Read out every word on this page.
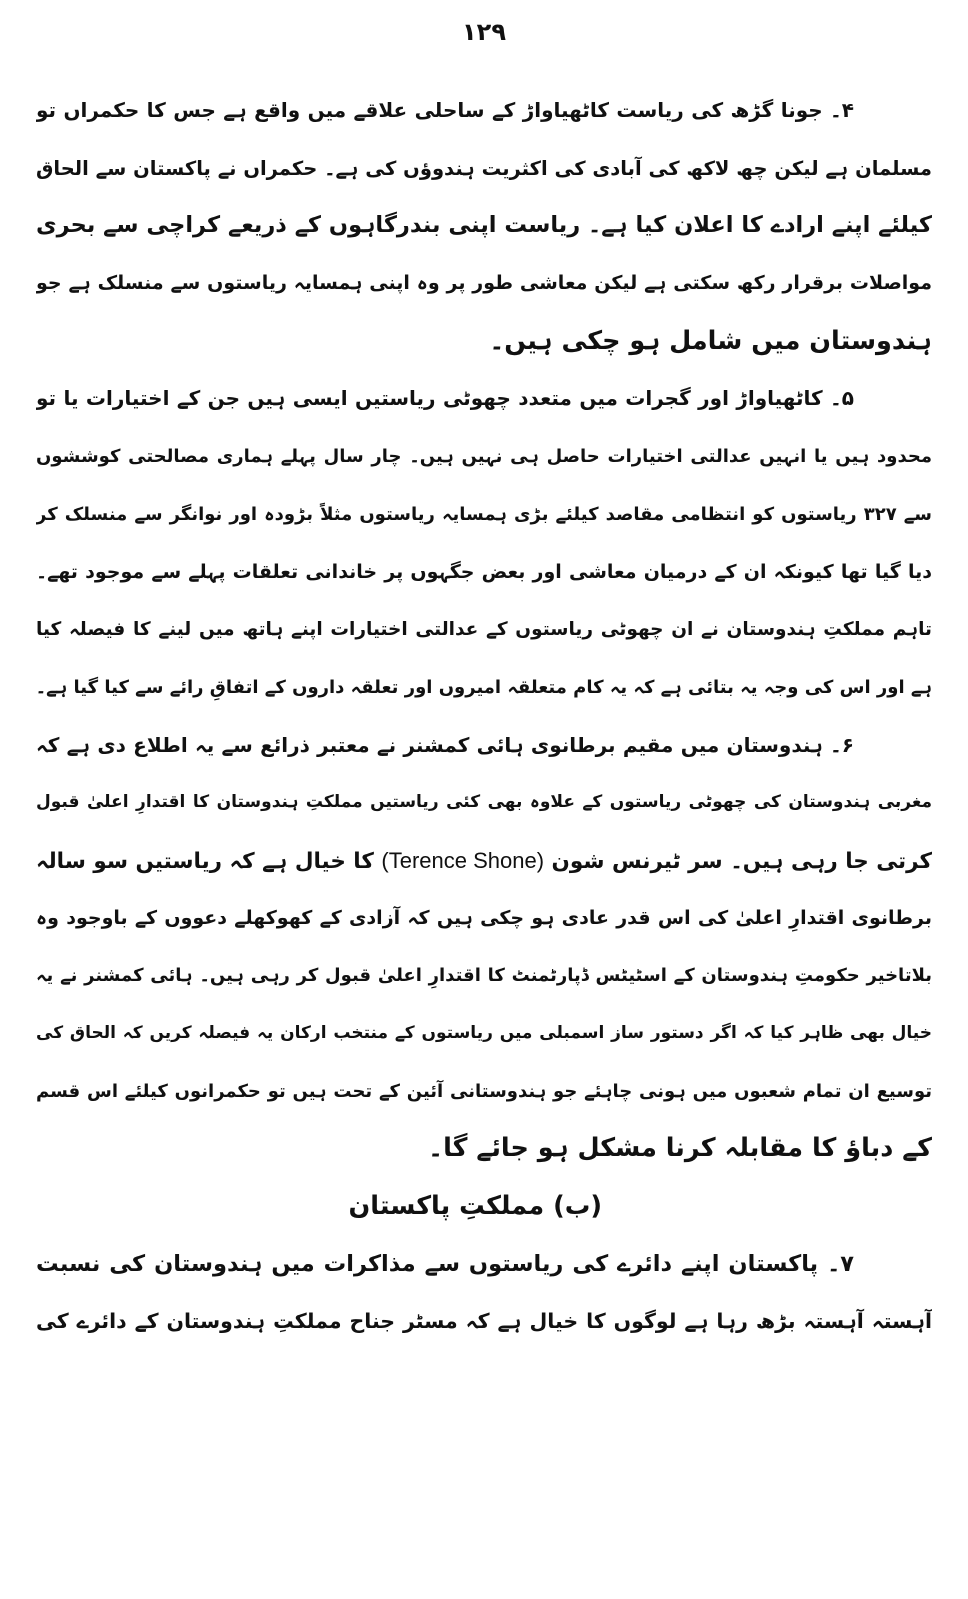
۱۲۹
۴۔ جونا گڑھ کی ریاست کاٹھیاواڑ کے ساحلی علاقے میں واقع ہے جس کا حکمراں تو
مسلمان ہے لیکن چھ لاکھ کی آبادی کی اکثریت ہندوؤں کی ہے۔ حکمراں نے پاکستان سے الحاق
کیلئے اپنے ارادے کا اعلان کیا ہے۔ ریاست اپنی بندرگاہوں کے ذریعے کراچی سے بحری
مواصلات برقرار رکھ سکتی ہے لیکن معاشی طور پر وہ اپنی ہمسایہ ریاستوں سے منسلک ہے جو
ہندوستان میں شامل ہو چکی ہیں۔
۵۔ کاٹھیاواڑ اور گجرات میں متعدد چھوٹی ریاستیں ایسی ہیں جن کے اختیارات یا تو
محدود ہیں یا انہیں عدالتی اختیارات حاصل ہی نہیں ہیں۔ چار سال پہلے ہماری مصالحتی کوششوں
سے ۳۲۷ ریاستوں کو انتظامی مقاصد کیلئے بڑی ہمسایہ ریاستوں مثلاً بڑودہ اور نوانگر سے منسلک کر
دیا گیا تھا کیونکہ ان کے درمیان معاشی اور بعض جگہوں پر خاندانی تعلقات پہلے سے موجود تھے۔
تاہم مملکتِ ہندوستان نے ان چھوٹی ریاستوں کے عدالتی اختیارات اپنے ہاتھ میں لینے کا فیصلہ کیا
ہے اور اس کی وجہ یہ بتائی ہے کہ یہ کام متعلقہ امیروں اور تعلقہ داروں کے اتفاقِ رائے سے کیا گیا ہے۔
۶۔ ہندوستان میں مقیم برطانوی ہائی کمشنر نے معتبر ذرائع سے یہ اطلاع دی ہے کہ
مغربی ہندوستان کی چھوٹی ریاستوں کے علاوہ بھی کئی ریاستیں مملکتِ ہندوستان کا اقتدارِ اعلیٰ قبول
کرتی جا رہی ہیں۔ سر ٹیرنس شون (Terence Shone) کا خیال ہے کہ ریاستیں سو سالہ
برطانوی اقتدارِ اعلیٰ کی اس قدر عادی ہو چکی ہیں کہ آزادی کے کھوکھلے دعووں کے باوجود وہ
بلاتاخیر حکومتِ ہندوستان کے اسٹیٹس ڈپارٹمنٹ کا اقتدارِ اعلیٰ قبول کر رہی ہیں۔ ہائی کمشنر نے یہ
خیال بھی ظاہر کیا کہ اگر دستور ساز اسمبلی میں ریاستوں کے منتخب ارکان یہ فیصلہ کریں کہ الحاق کی
توسیع ان تمام شعبوں میں ہونی چاہئے جو ہندوستانی آئین کے تحت ہیں تو حکمرانوں کیلئے اس قسم
کے دباؤ کا مقابلہ کرنا مشکل ہو جائے گا۔
(ب) مملکتِ پاکستان
۷۔ پاکستان اپنے دائرے کی ریاستوں سے مذاکرات میں ہندوستان کی نسبت
آہستہ آہستہ بڑھ رہا ہے لوگوں کا خیال ہے کہ مسٹر جناح مملکتِ ہندوستان کے دائرے کی
